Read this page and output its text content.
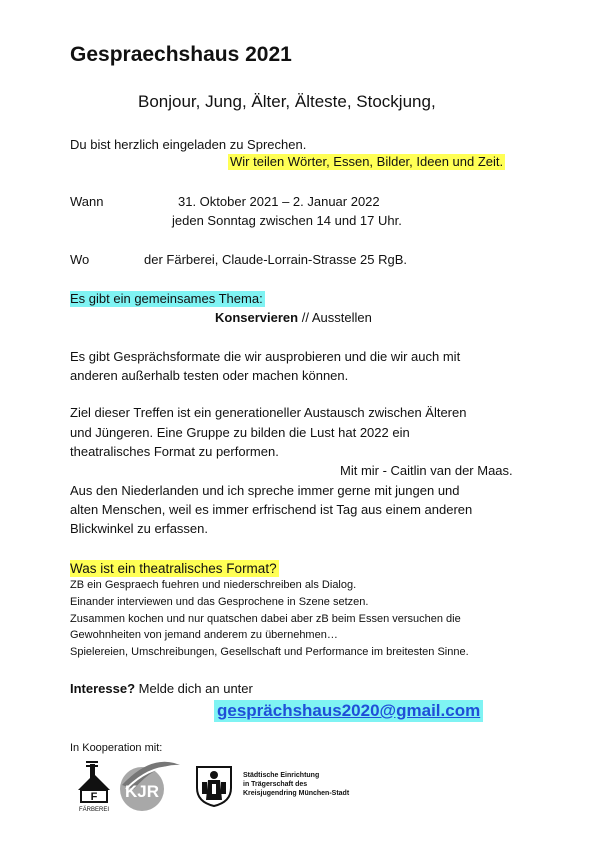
Gespraechshaus 2021
Bonjour, Jung, Älter, Älteste, Stockjung,
Du bist herzlich eingeladen zu Sprechen.
Wir teilen Wörter, Essen, Bilder, Ideen und Zeit.
Wann	31. Oktober 2021 – 2. Januar 2022
jeden Sonntag zwischen 14 und 17 Uhr.
Wo	der Färberei, Claude-Lorrain-Strasse 25 RgB.
Es gibt ein gemeinsames Thema:
Konservieren // Ausstellen
Es gibt Gesprächsformate die wir ausprobieren und die wir auch mit
anderen außerhalb testen oder machen können.
Ziel dieser Treffen ist ein generationeller Austausch zwischen Älteren
und Jüngeren. Eine Gruppe zu bilden die Lust hat 2022 ein
theatralisches Format zu performen.
Mit mir - Caitlin van der Maas.
Aus den Niederlanden und ich spreche immer gerne mit jungen und
alten Menschen, weil es immer erfrischend ist Tag aus einem anderen
Blickwinkel zu erfassen.
Was ist ein theatralisches Format?
ZB ein Gespraech fuehren und niederschreiben als Dialog.
Einander interviewen und das Gesprochene in Szene setzen.
Zusammen kochen und nur quatschen dabei aber zB beim Essen versuchen die
Gewohnheiten von jemand anderem zu übernehmen…
Spielereien, Umschreibungen, Gesellschaft und Performance im breitesten Sinne.
Interesse? Melde dich an unter
gesprächshaus2020@gmail.com
In Kooperation mit:
F
FÄRBEREI
KJR
Städtische Einrichtung
in Trägerschaft des
Kreisjugendring München-Stadt
